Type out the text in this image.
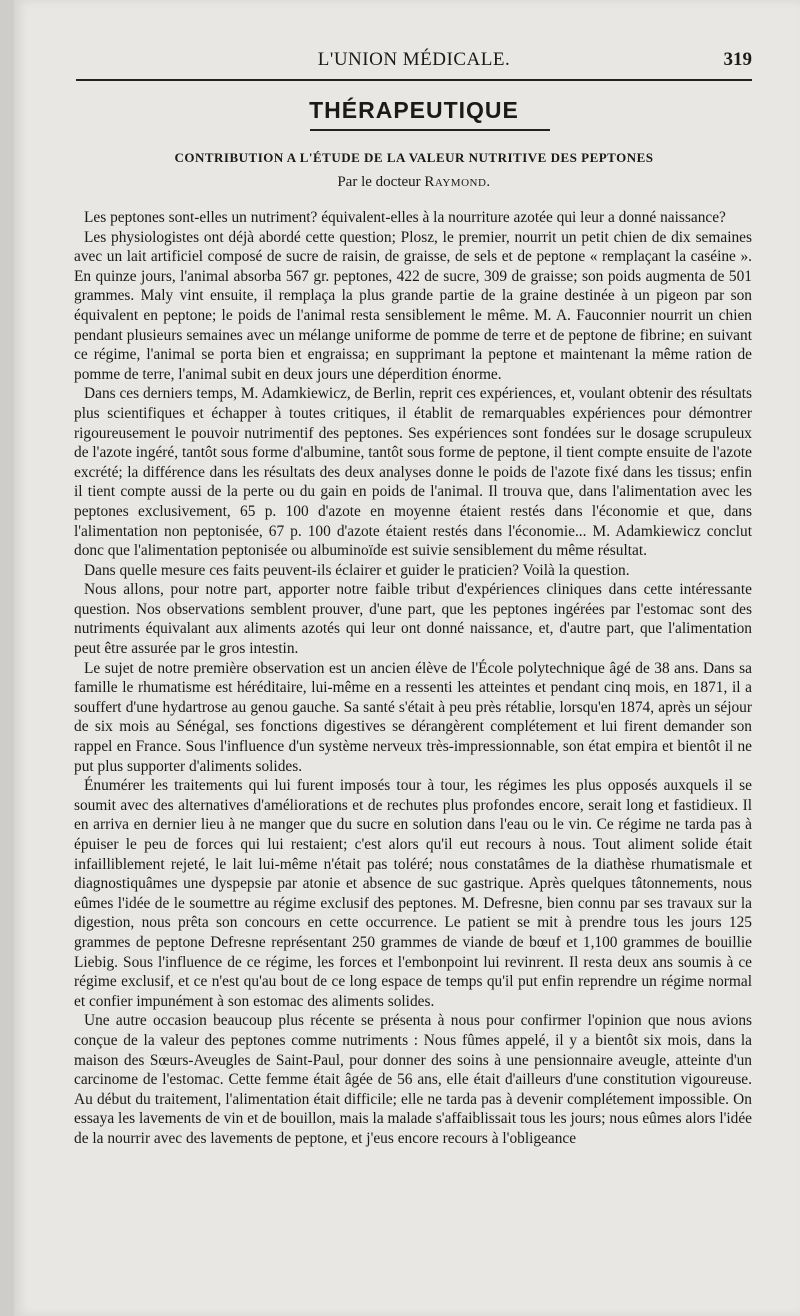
L'UNION MÉDICALE.	319
THÉRAPEUTIQUE
CONTRIBUTION A L'ÉTUDE DE LA VALEUR NUTRITIVE DES PEPTONES
Par le docteur Raymond.

Les peptones sont-elles un nutriment? équivalent-elles à la nourriture azotée qui leur a donné naissance?

Les physiologistes ont déjà abordé cette question; Plosz, le premier, nourrit un petit chien de dix semaines avec un lait artificiel composé de sucre de raisin, de graisse, de sels et de peptone « remplaçant la caséine ». En quinze jours, l'animal absorba 567 gr. peptones, 422 de sucre, 309 de graisse; son poids augmenta de 501 grammes. Maly vint ensuite, il remplaça la plus grande partie de la graine destinée à un pigeon par son équivalent en peptone; le poids de l'animal resta sensiblement le même. M. A. Fauconnier nourrit un chien pendant plusieurs semaines avec un mélange uniforme de pomme de terre et de peptone de fibrine; en suivant ce régime, l'animal se porta bien et engraissa; en supprimant la peptone et maintenant la même ration de pomme de terre, l'animal subit en deux jours une déperdition énorme.

Dans ces derniers temps, M. Adamkiewicz, de Berlin, reprit ces expériences, et, voulant obtenir des résultats plus scientifiques et échapper à toutes critiques, il établit de remarquables expériences pour démontrer rigoureusement le pouvoir nutrimentif des peptones. Ses expériences sont fondées sur le dosage scrupuleux de l'azote ingéré, tantôt sous forme d'albumine, tantôt sous forme de peptone, il tient compte ensuite de l'azote excrété; la différence dans les résultats des deux analyses donne le poids de l'azote fixé dans les tissus; enfin il tient compte aussi de la perte ou du gain en poids de l'animal. Il trouva que, dans l'alimentation avec les peptones exclusivement, 65 p. 100 d'azote en moyenne étaient restés dans l'économie et que, dans l'alimentation non peptonisée, 67 p. 100 d'azote étaient restés dans l'économie... M. Adamkiewicz conclut donc que l'alimentation peptonisée ou albuminoïde est suivie sensiblement du même résultat.

Dans quelle mesure ces faits peuvent-ils éclairer et guider le praticien? Voilà la question.

Nous allons, pour notre part, apporter notre faible tribut d'expériences cliniques dans cette intéressante question. Nos observations semblent prouver, d'une part, que les peptones ingérées par l'estomac sont des nutriments équivalant aux aliments azotés qui leur ont donné naissance, et, d'autre part, que l'alimentation peut être assurée par le gros intestin.

Le sujet de notre première observation est un ancien élève de l'École polytechnique âgé de 38 ans. Dans sa famille le rhumatisme est héréditaire, lui-même en a ressenti les atteintes et pendant cinq mois, en 1871, il a souffert d'une hydartrose au genou gauche. Sa santé s'était à peu près rétablie, lorsqu'en 1874, après un séjour de six mois au Sénégal, ses fonctions digestives se dérangèrent complétement et lui firent demander son rappel en France. Sous l'influence d'un système nerveux très-impressionnable, son état empira et bientôt il ne put plus supporter d'aliments solides.

Énumérer les traitements qui lui furent imposés tour à tour, les régimes les plus opposés auxquels il se soumit avec des alternatives d'améliorations et de rechutes plus profondes encore, serait long et fastidieux. Il en arriva en dernier lieu à ne manger que du sucre en solution dans l'eau ou le vin. Ce régime ne tarda pas à épuiser le peu de forces qui lui restaient; c'est alors qu'il eut recours à nous. Tout aliment solide était infailliblement rejeté, le lait lui-même n'était pas toléré; nous constatâmes de la diathèse rhumatismale et diagnostiquâmes une dyspepsie par atonie et absence de suc gastrique. Après quelques tâtonnements, nous eûmes l'idée de le soumettre au régime exclusif des peptones. M. Defresne, bien connu par ses travaux sur la digestion, nous prêta son concours en cette occurrence. Le patient se mit à prendre tous les jours 125 grammes de peptone Defresne représentant 250 grammes de viande de bœuf et 1,100 grammes de bouillie Liebig. Sous l'influence de ce régime, les forces et l'embonpoint lui revinrent. Il resta deux ans soumis à ce régime exclusif, et ce n'est qu'au bout de ce long espace de temps qu'il put enfin reprendre un régime normal et confier impunément à son estomac des aliments solides.

Une autre occasion beaucoup plus récente se présenta à nous pour confirmer l'opinion que nous avions conçue de la valeur des peptones comme nutriments : Nous fûmes appelé, il y a bientôt six mois, dans la maison des Sœurs-Aveugles de Saint-Paul, pour donner des soins à une pensionnaire aveugle, atteinte d'un carcinome de l'estomac. Cette femme était âgée de 56 ans, elle était d'ailleurs d'une constitution vigoureuse. Au début du traitement, l'alimentation était difficile; elle ne tarda pas à devenir complétement impossible. On essaya les lavements de vin et de bouillon, mais la malade s'affaiblissait tous les jours; nous eûmes alors l'idée de la nourrir avec des lavements de peptone, et j'eus encore recours à l'obligeance
